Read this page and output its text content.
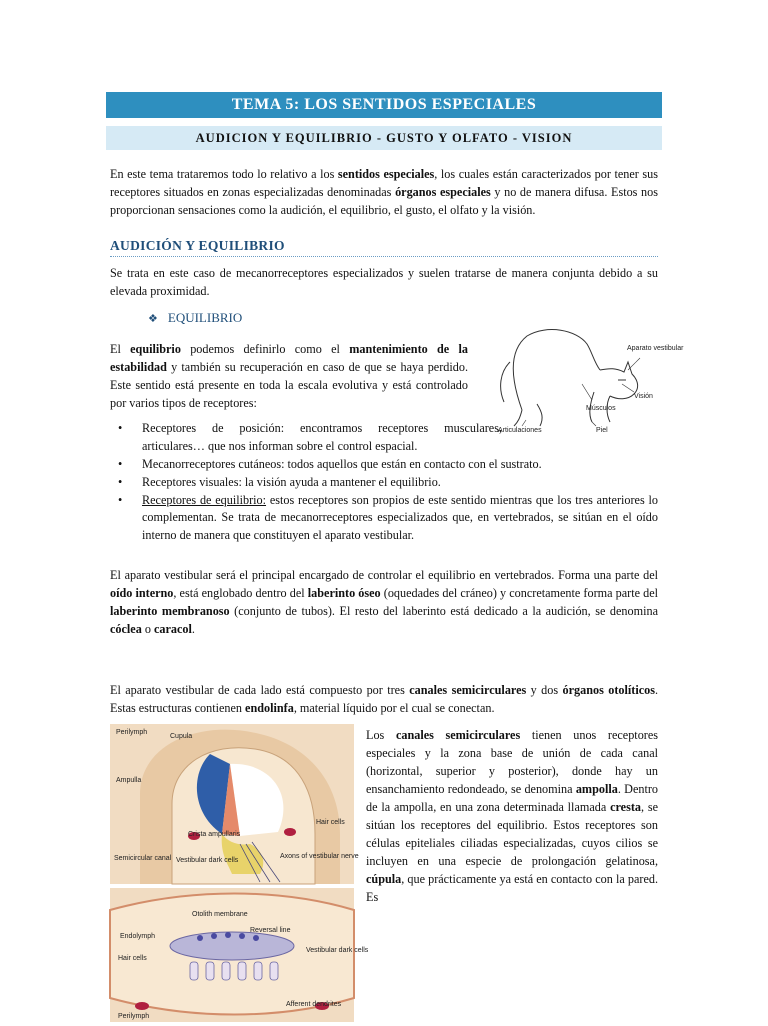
TEMA 5: LOS SENTIDOS ESPECIALES
AUDICION Y EQUILIBRIO - GUSTO Y OLFATO - VISION

En este tema trataremos todo lo relativo a los sentidos especiales, los cuales están caracterizados por tener sus receptores situados en zonas especializadas denominadas órganos especiales y no de manera difusa. Estos nos proporcionan sensaciones como la audición, el equilibrio, el gusto, el olfato y la visión.

AUDICIÓN Y EQUILIBRIO

Se trata en este caso de mecanorreceptores especializados y suelen tratarse de manera conjunta debido a su elevada proximidad.

❖ EQUILIBRIO

El equilibrio podemos definirlo como el mantenimiento de la estabilidad y también su recuperación en caso de que se haya perdido. Este sentido está presente en toda la escala evolutiva y está controlado por varios tipos de receptores:

Aparato vestibular
Visión
Músculos
Articulaciones	Piel
• Receptores de posición: encontramos receptores musculares, articulares… que nos informan sobre el control espacial.
• Mecanorreceptores cutáneos: todos aquellos que están en contacto con el sustrato.
• Receptores visuales: la visión ayuda a mantener el equilibrio.
• Receptores de equilibrio: estos receptores son propios de este sentido mientras que los tres anteriores lo complementan. Se trata de mecanorreceptores especializados que, en vertebrados, se sitúan en el oído interno de manera que constituyen el aparato vestibular.

El aparato vestibular será el principal encargado de controlar el equilibrio en vertebrados. Forma una parte del oído interno, está englobado dentro del laberinto óseo (oquedades del cráneo) y concretamente forma parte del laberinto membranoso (conjunto de tubos). El resto del laberinto está dedicado a la audición, se denomina cóclea o caracol.

El aparato vestibular de cada lado está compuesto por tres canales semicirculares y dos órganos otolíticos. Estas estructuras contienen endolinfa, material líquido por el cual se conectan.

Los canales semicirculares tienen unos receptores especiales y la zona base de unión de cada canal (horizontal, superior y posterior), donde hay un ensanchamiento redondeado, se denomina ampolla. Dentro de la ampolla, en una zona determinada llamada cresta, se sitúan los receptores del equilibrio. Estos receptores son células epiteliales ciliadas especializadas, cuyos cilios se incluyen en una especie de prolongación gelatinosa, cúpula, que prácticamente ya está en contacto con la pared. Es

Perilymph
Cupula
Ampulla
Crista ampullaris
Hair cells
Semicircular canal Vestibular dark cells
Axons of vestibular nerve
Otolith membrane
Reversal line
Endolymph
Hair cells
Vestibular dark cells
Afferent dendrites
Perilymph
